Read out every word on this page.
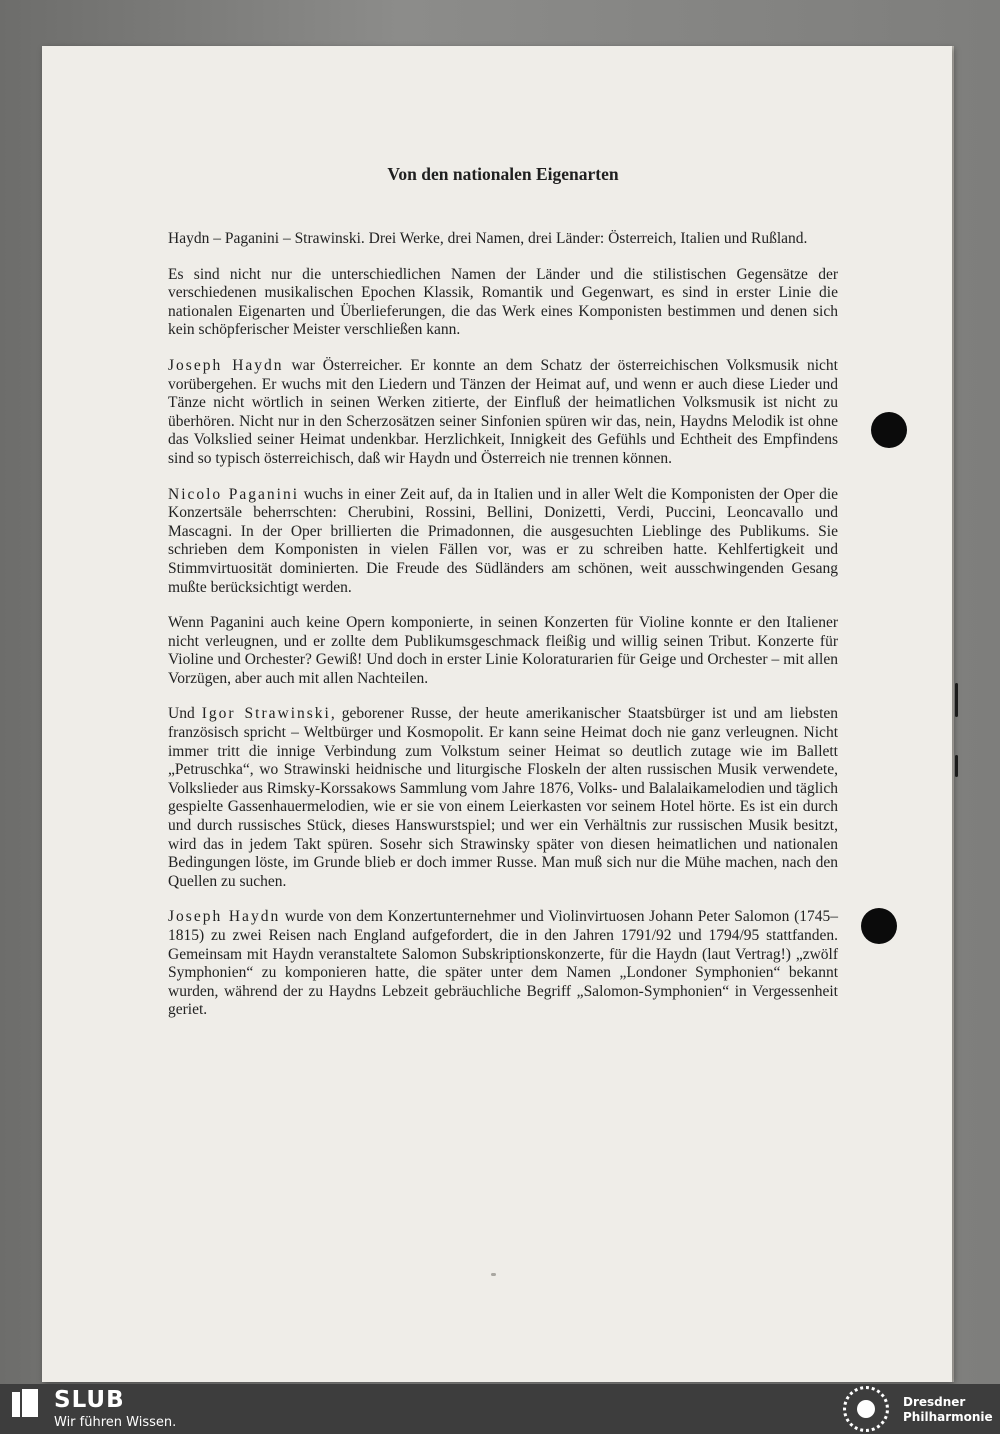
Von den nationalen Eigenarten

Haydn – Paganini – Strawinski. Drei Werke, drei Namen, drei Länder: Österreich, Italien und Rußland.

Es sind nicht nur die unterschiedlichen Namen der Länder und die stilistischen Gegensätze der verschiedenen musikalischen Epochen Klassik, Romantik und Gegenwart, es sind in erster Linie die nationalen Eigenarten und Überlieferungen, die das Werk eines Komponisten bestimmen und denen sich kein schöpferischer Meister verschließen kann.

Joseph Haydn war Österreicher. Er konnte an dem Schatz der österreichischen Volksmusik nicht vorübergehen. Er wuchs mit den Liedern und Tänzen der Heimat auf, und wenn er auch diese Lieder und Tänze nicht wörtlich in seinen Werken zitierte, der Einfluß der heimatlichen Volksmusik ist nicht zu überhören. Nicht nur in den Scherzosätzen seiner Sinfonien spüren wir das, nein, Haydns Melodik ist ohne das Volkslied seiner Heimat undenkbar. Herzlichkeit, Innigkeit des Gefühls und Echtheit des Empfindens sind so typisch österreichisch, daß wir Haydn und Österreich nie trennen können.

Nicolo Paganini wuchs in einer Zeit auf, da in Italien und in aller Welt die Komponisten der Oper die Konzertsäle beherrschten: Cherubini, Rossini, Bellini, Donizetti, Verdi, Puccini, Leoncavallo und Mascagni. In der Oper brillierten die Primadonnen, die ausgesuchten Lieblinge des Publikums. Sie schrieben dem Komponisten in vielen Fällen vor, was er zu schreiben hatte. Kehlfertigkeit und Stimmvirtuosität dominierten. Die Freude des Südländers am schönen, weit ausschwingenden Gesang mußte berücksichtigt werden.

Wenn Paganini auch keine Opern komponierte, in seinen Konzerten für Violine konnte er den Italiener nicht verleugnen, und er zollte dem Publikumsgeschmack fleißig und willig seinen Tribut. Konzerte für Violine und Orchester? Gewiß! Und doch in erster Linie Koloraturarien für Geige und Orchester – mit allen Vorzügen, aber auch mit allen Nachteilen.

Und Igor Strawinski, geborener Russe, der heute amerikanischer Staatsbürger ist und am liebsten französisch spricht – Weltbürger und Kosmopolit. Er kann seine Heimat doch nie ganz verleugnen. Nicht immer tritt die innige Verbindung zum Volkstum seiner Heimat so deutlich zutage wie im Ballett „Petruschka“, wo Strawinski heidnische und liturgische Floskeln der alten russischen Musik verwendete, Volkslieder aus Rimsky-Korssakows Sammlung vom Jahre 1876, Volks- und Balalaikamelodien und täglich gespielte Gassenhauermelodien, wie er sie von einem Leierkasten vor seinem Hotel hörte. Es ist ein durch und durch russisches Stück, dieses Hanswurstspiel; und wer ein Verhältnis zur russischen Musik besitzt, wird das in jedem Takt spüren. Sosehr sich Strawinsky später von diesen heimatlichen und nationalen Bedingungen löste, im Grunde blieb er doch immer Russe. Man muß sich nur die Mühe machen, nach den Quellen zu suchen.

Joseph Haydn wurde von dem Konzertunternehmer und Violinvirtuosen Johann Peter Salomon (1745–1815) zu zwei Reisen nach England aufgefordert, die in den Jahren 1791/92 und 1794/95 stattfanden. Gemeinsam mit Haydn veranstaltete Salomon Subskriptionskonzerte, für die Haydn (laut Vertrag!) „zwölf Symphonien“ zu komponieren hatte, die später unter dem Namen „Londoner Symphonien“ bekannt wurden, während der zu Haydns Lebzeit gebräuchliche Begriff „Salomon-Symphonien“ in Vergessenheit geriet.

SLUB
Wir führen Wissen.
Dresdner
Philharmonie
